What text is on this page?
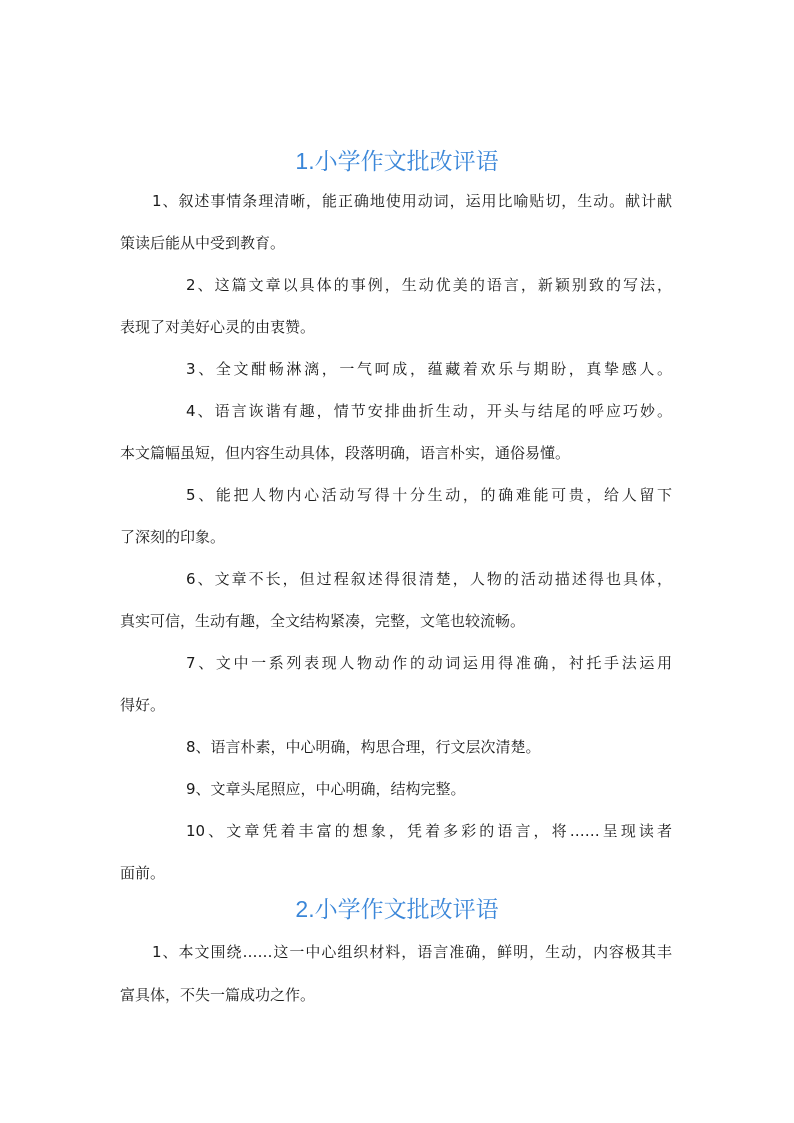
1.小学作文批改评语
1、叙述事情条理清晰，能正确地使用动词，运用比喻贴切，生动。献计献
策读后能从中受到教育。
2、这篇文章以具体的事例，生动优美的语言，新颖别致的写法，
表现了对美好心灵的由衷赞。
3、全文酣畅淋漓，一气呵成，蕴藏着欢乐与期盼，真挚感人。
4、语言诙谐有趣，情节安排曲折生动，开头与结尾的呼应巧妙。
本文篇幅虽短，但内容生动具体，段落明确，语言朴实，通俗易懂。
5、能把人物内心活动写得十分生动，的确难能可贵，给人留下
了深刻的印象。
6、文章不长，但过程叙述得很清楚，人物的活动描述得也具体，
真实可信，生动有趣，全文结构紧凑，完整，文笔也较流畅。
7、文中一系列表现人物动作的动词运用得准确，衬托手法运用
得好。
8、语言朴素，中心明确，构思合理，行文层次清楚。
9、文章头尾照应，中心明确，结构完整。
10、文章凭着丰富的想象，凭着多彩的语言，将……呈现读者
面前。
2.小学作文批改评语
1、本文围绕……这一中心组织材料，语言准确，鲜明，生动，内容极其丰
富具体，不失一篇成功之作。
